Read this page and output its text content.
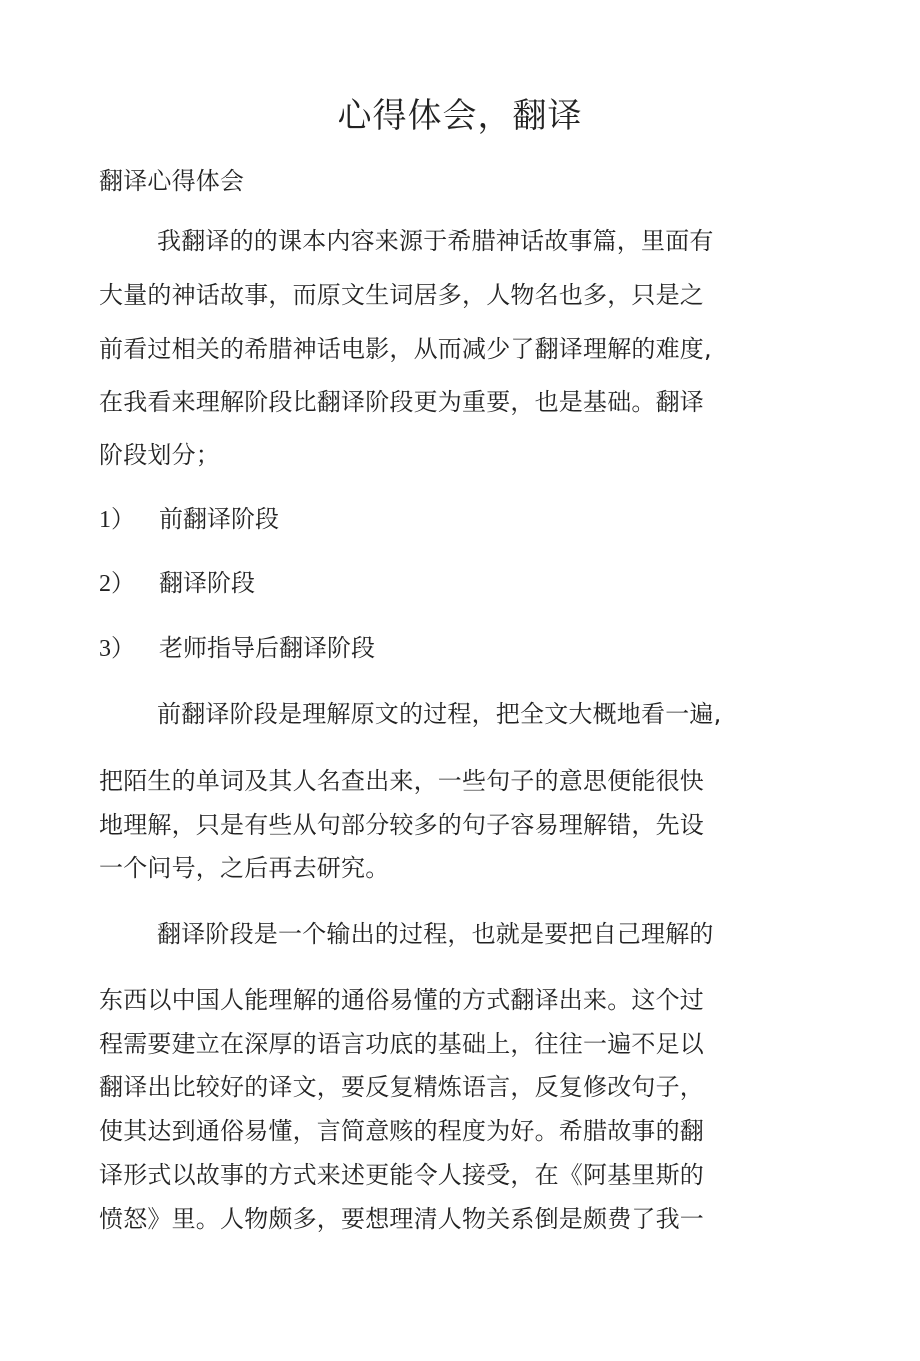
心得体会，翻译
翻译心得体会
我翻译的的课本内容来源于希腊神话故事篇，里面有
大量的神话故事，而原文生词居多，人物名也多，只是之
前看过相关的希腊神话电影，从而减少了翻译理解的难度,
在我看来理解阶段比翻译阶段更为重要，也是基础。翻译
阶段划分；
1） 前翻译阶段
2） 翻译阶段
3） 老师指导后翻译阶段
前翻译阶段是理解原文的过程，把全文大概地看一遍,
把陌生的单词及其人名查出来，一些句子的意思便能很快
地理解，只是有些从句部分较多的句子容易理解错，先设
一个问号，之后再去研究。
翻译阶段是一个输出的过程，也就是要把自己理解的
东西以中国人能理解的通俗易懂的方式翻译出来。这个过
程需要建立在深厚的语言功底的基础上，往往一遍不足以
翻译出比较好的译文，要反复精炼语言，反复修改句子，
使其达到通俗易懂，言简意赅的程度为好。希腊故事的翻
译形式以故事的方式来述更能令人接受，在《阿基里斯的
愤怒》里。人物颇多，要想理清人物关系倒是颇费了我一
